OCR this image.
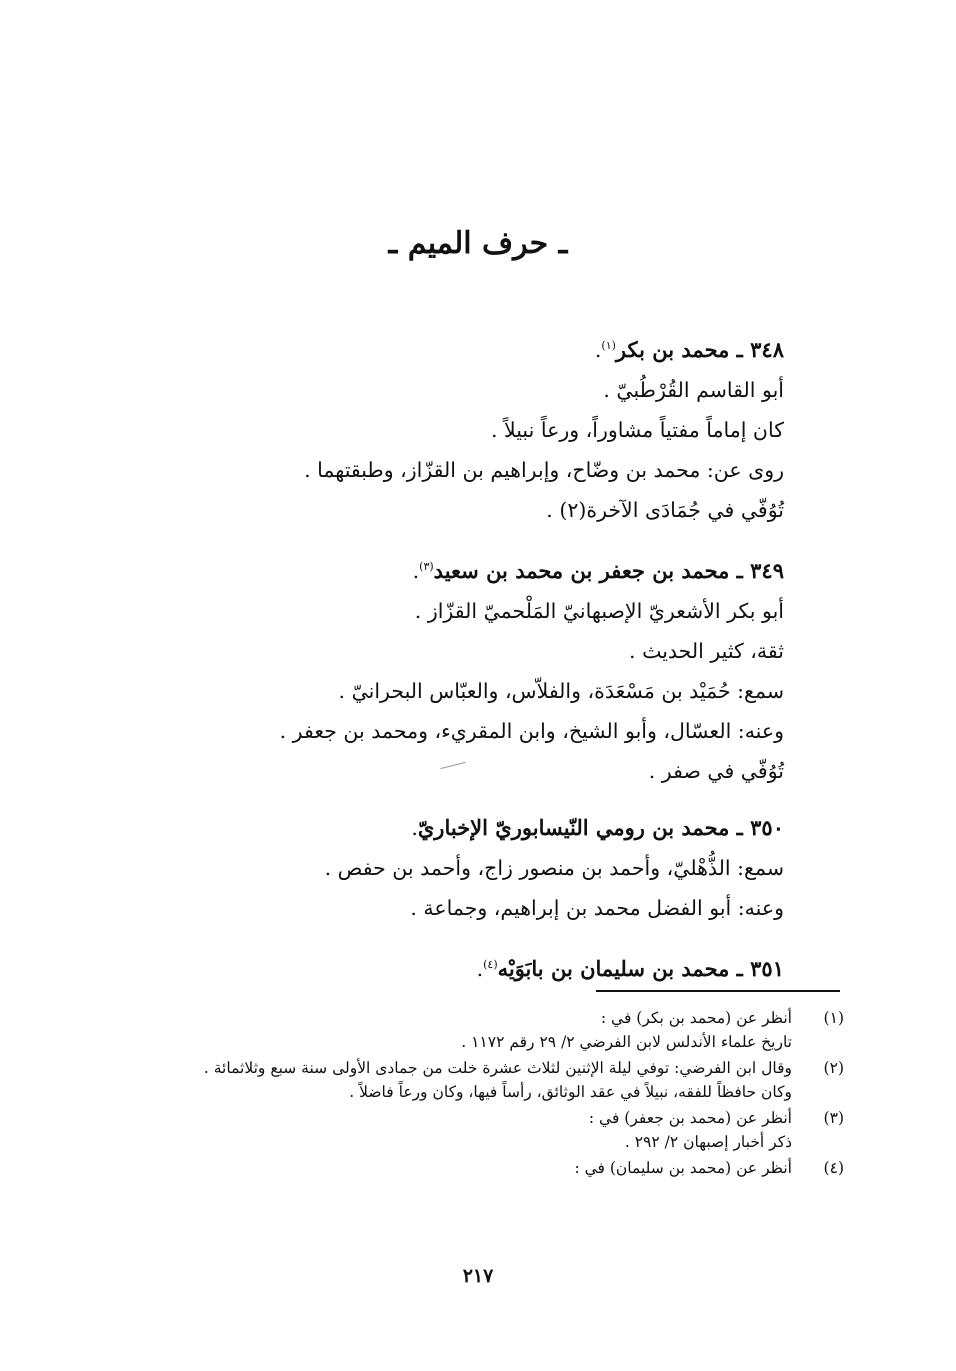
ـ حرف الميم ـ
٣٤٨ ـ محمد بن بكر$^{(١)}$.
أبو القاسم القُرْطُبيّ .
كان إماماً مفتياً مشاوراً، ورعاً نبيلاً .
روى عن: محمد بن وضّاح، وإبراهيم بن القزّاز، وطبقتهما .
تُوُفّي في جُمَادَى الآخرة(٢) .
٣٤٩ ـ محمد بن جعفر بن محمد بن سعيد$^{(٣)}$.
أبو بكر الأشعريّ الإصبهانيّ المَلْحميّ القزّاز .
ثقة، كثير الحديث .
سمع: حُمَيْد بن مَسْعَدَة، والفلاّس، والعبّاس البحرانيّ .
وعنه: العسّال، وأبو الشيخ، وابن المقريء، ومحمد بن جعفر .
تُوُفّي في صفر .
٣٥٠ ـ محمد بن رومي النّيسابوريّ الإخباريّ.
سمع: الذُّهْليّ، وأحمد بن منصور زاج، وأحمد بن حفص .
وعنه: أبو الفضل محمد بن إبراهيم، وجماعة .
٣٥١ ـ محمد بن سليمان بن بابَوَيْه$^{(٤)}$.
(١)
أنظر عن (محمد بن بكر) في :
تاريخ علماء الأندلس لابن الفرضي ٢/ ٢٩ رقم ١١٧٢ .
(٢)
وقال ابن الفرضي: توفي ليلة الإثنين لثلاث عشرة خلت من جمادى الأولى سنة سبع وثلاثمائة .
وكان حافظاً للفقه، نبيلاً في عقد الوثائق، رأساً فيها، وكان ورعاً فاضلاً .
(٣)
أنظر عن (محمد بن جعفر) في :
ذكر أخبار إصبهان ٢/ ٢٩٢ .
(٤)
أنظر عن (محمد بن سليمان) في :
٢١٧
